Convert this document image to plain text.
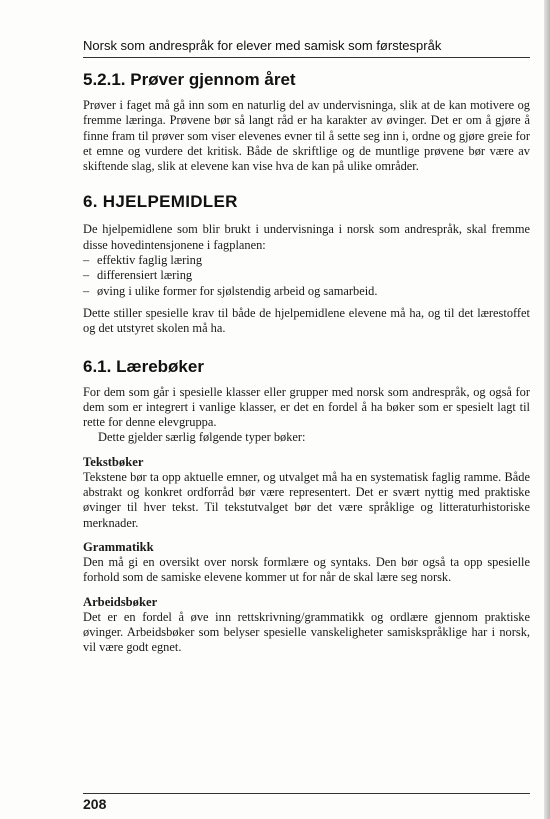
Norsk som andrespråk for elever med samisk som førstespråk
5.2.1. Prøver gjennom året

Prøver i faget må gå inn som en naturlig del av undervisninga, slik at de kan motivere og fremme læringa. Prøvene bør så langt råd er ha karakter av øvinger. Det er om å gjøre å finne fram til prøver som viser elevenes evner til å sette seg inn i, ordne og gjøre greie for et emne og vurdere det kritisk. Både de skriftlige og de muntlige prøvene bør være av skiftende slag, slik at elevene kan vise hva de kan på ulike områder.

6. HJELPEMIDLER

De hjelpemidlene som blir brukt i undervisninga i norsk som andrespråk, skal fremme disse hovedintensjonene i fagplanen:

– effektiv faglig læring
– differensiert læring
– øving i ulike former for sjølstendig arbeid og samarbeid.

Dette stiller spesielle krav til både de hjelpemidlene elevene må ha, og til det lærestoffet og det utstyret skolen må ha.

6.1. Lærebøker

For dem som går i spesielle klasser eller grupper med norsk som andrespråk, og også for dem som er integrert i vanlige klasser, er det en fordel å ha bøker som er spesielt lagt til rette for denne elevgruppa.

Dette gjelder særlig følgende typer bøker:

Tekstbøker

Tekstene bør ta opp aktuelle emner, og utvalget må ha en systematisk faglig ramme. Både abstrakt og konkret ordforråd bør være representert. Det er svært nyttig med praktiske øvinger til hver tekst. Til tekstutvalget bør det være språklige og litteraturhistoriske merknader.

Grammatikk

Den må gi en oversikt over norsk formlære og syntaks. Den bør også ta opp spesielle forhold som de samiske elevene kommer ut for når de skal lære seg norsk.

Arbeidsbøker

Det er en fordel å øve inn rettskrivning/grammatikk og ordlære gjennom praktiske øvinger. Arbeidsbøker som belyser spesielle vanskeligheter samiskspråklige har i norsk, vil være godt egnet.

208
